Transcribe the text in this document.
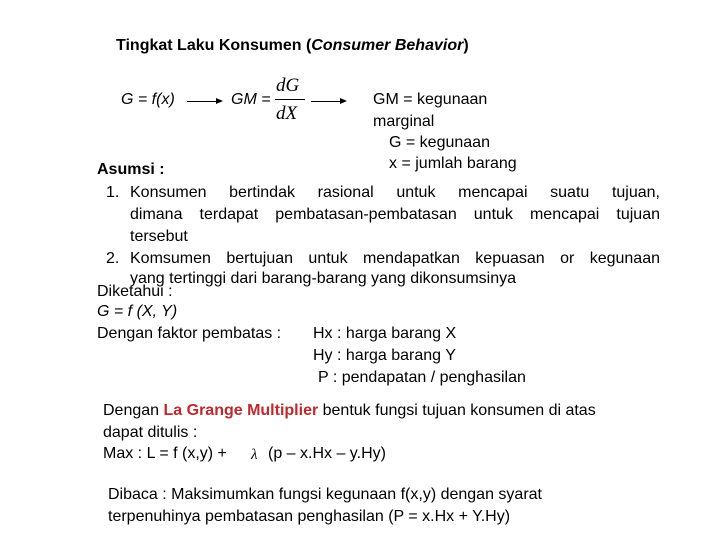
Tingkat Laku Konsumen (Consumer Behavior)
G = f(x)	GM =
dG
dX
GM = kegunaan
marginal
G = kegunaan
x = jumlah barang
Asumsi :
1. Konsumen bertindak rasional untuk mencapai suatu tujuan,
dimana terdapat pembatasan-pembatasan untuk mencapai tujuan
tersebut
2. Komsumen bertujuan untuk mendapatkan kepuasan or kegunaan
yang tertinggi dari barang-barang yang dikonsumsinya
Diketahui :
G = f (X, Y)
Dengan faktor pembatas : Hx : harga barang X
Hy : harga barang Y
P : pendapatan / penghasilan
Dengan La Grange Multiplier bentuk fungsi tujuan konsumen di atas
dapat ditulis :
Max : L = f (x,y) + λ (p – x.Hx – y.Hy)
Dibaca : Maksimumkan fungsi kegunaan f(x,y) dengan syarat
terpenuhinya pembatasan penghasilan (P = x.Hx + Y.Hy)
